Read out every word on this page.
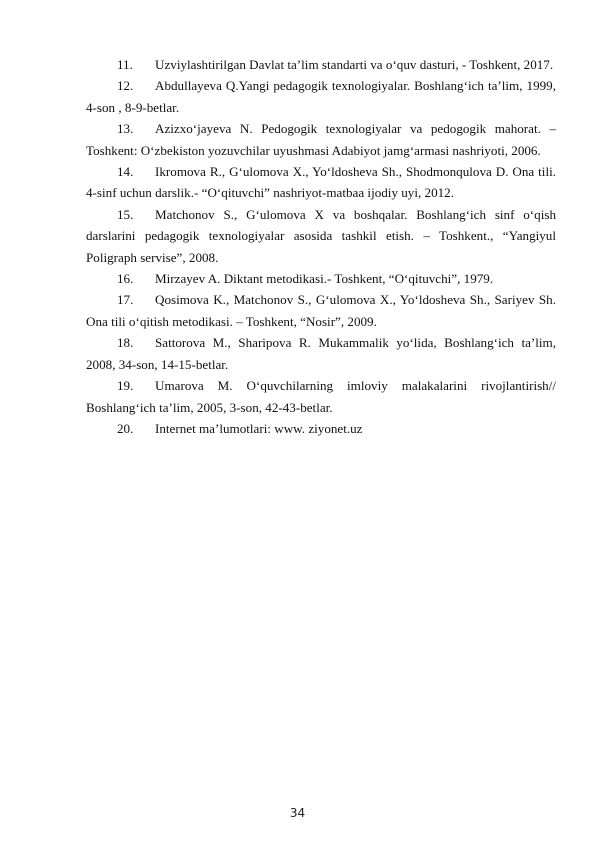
11. Uzviylashtirilgan Davlat ta’lim standarti va o‘quv dasturi, - Toshkent, 2017.

12. Abdullayeva Q.Yangi pedagogik texnologiyalar. Boshlang‘ich ta’lim, 1999, 4-son , 8-9-betlar.

13. Azizxo‘jayeva N. Pedogogik texnologiyalar va pedogogik mahorat. – Toshkent: O‘zbekiston yozuvchilar uyushmasi Adabiyot jamg‘armasi nashriyoti, 2006.

14. Ikromova R., G‘ulomova X., Yo‘ldosheva Sh., Shodmonqulova D. Ona tili. 4-sinf uchun darslik.- “O‘qituvchi” nashriyot-matbaa ijodiy uyi, 2012.

15. Matchonov S., G‘ulomova X va boshqalar. Boshlang‘ich sinf o‘qish darslarini pedagogik texnologiyalar asosida tashkil etish. – Toshkent., “Yangiyul Poligraph servise”, 2008.

16. Mirzayev A. Diktant metodikasi.- Toshkent, “O‘qituvchi”, 1979.

17. Qosimova K., Matchonov S., G‘ulomova X., Yo‘ldosheva Sh., Sariyev Sh. Ona tili o‘qitish metodikasi. – Toshkent, “Nosir”, 2009.

18. Sattorova M., Sharipova R. Mukammalik yo‘lida, Boshlang‘ich ta’lim, 2008, 34-son, 14-15-betlar.

19. Umarova M. O‘quvchilarning imloviy malakalarini rivojlantirish// Boshlang‘ich ta’lim, 2005, 3-son, 42-43-betlar.

20. Internet ma’lumotlari: www. ziyonet.uz

34
